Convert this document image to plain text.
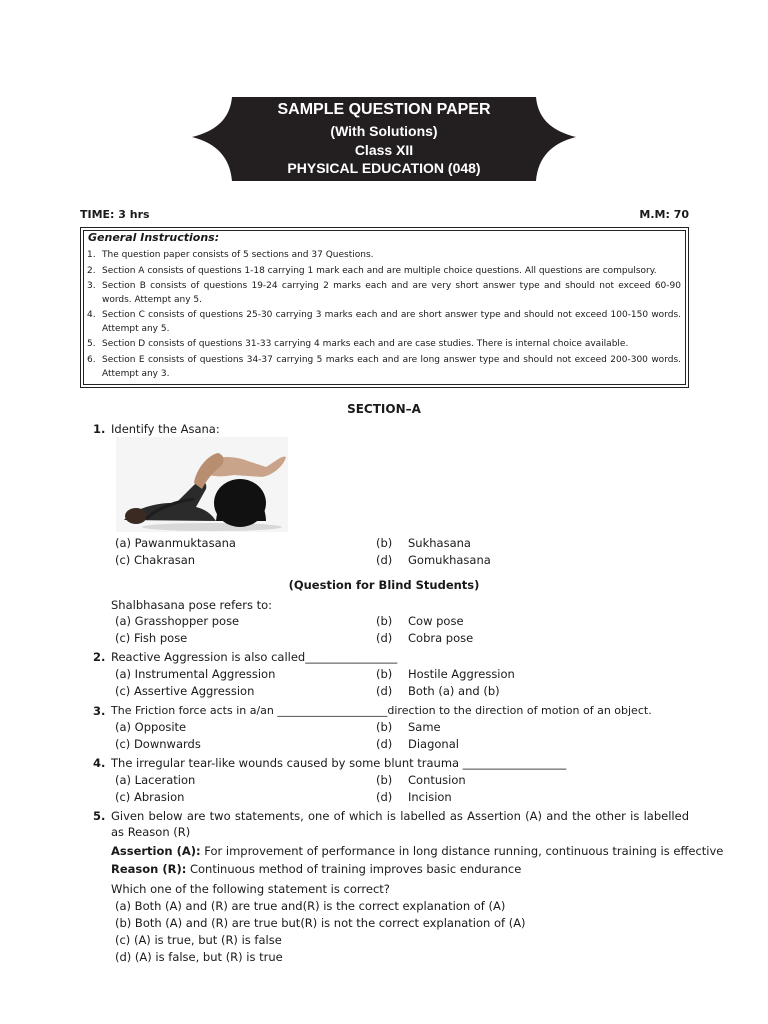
SAMPLE QUESTION PAPER
(With Solutions)
Class XII
PHYSICAL EDUCATION (048)
TIME: 3 hrs	M.M: 70
General Instructions:
1. The question paper consists of 5 sections and 37 Questions.
2. Section A consists of questions 1-18 carrying 1 mark each and are multiple choice questions. All questions are compulsory.
3. Section B consists of questions 19-24 carrying 2 marks each and are very short answer type and should not exceed 60-90 words. Attempt any 5.
4. Section C consists of questions 25-30 carrying 3 marks each and are short answer type and should not exceed 100-150 words. Attempt any 5.
5. Section D consists of questions 31-33 carrying 4 marks each and are case studies. There is internal choice available.
6. Section E consists of questions 34-37 carrying 5 marks each and are long answer type and should not exceed 200-300 words. Attempt any 3.
SECTION–A
1. Identify the Asana:
(a) Pawanmuktasana	(b) Sukhasana
(c) Chakrasan	(d) Gomukhasana
(Question for Blind Students)
Shalbhasana pose refers to:
(a) Grasshopper pose	(b) Cow pose
(c) Fish pose	(d) Cobra pose
2. Reactive Aggression is also called________________
(a) Instrumental Aggression	(b) Hostile Aggression
(c) Assertive Aggression	(d) Both (a) and (b)
3. The Friction force acts in a/an ____________________direction to the direction of motion of an object.
(a) Opposite	(b) Same
(c) Downwards	(d) Diagonal
4. The irregular tear-like wounds caused by some blunt trauma __________________
(a) Laceration	(b) Contusion
(c) Abrasion	(d) Incision
5. Given below are two statements, one of which is labelled as Assertion (A) and the other is labelled as Reason (R)
Assertion (A): For improvement of performance in long distance running, continuous training is effective
Reason (R): Continuous method of training improves basic endurance
Which one of the following statement is correct?
(a) Both (A) and (R) are true and(R) is the correct explanation of (A)
(b) Both (A) and (R) are true but(R) is not the correct explanation of (A)
(c) (A) is true, but (R) is false
(d) (A) is false, but (R) is true
